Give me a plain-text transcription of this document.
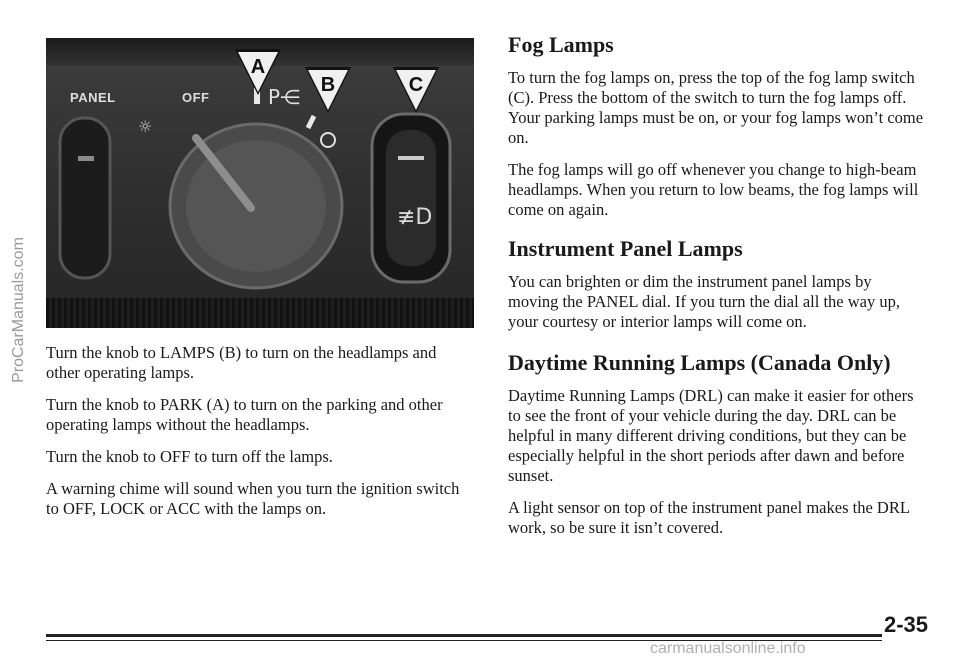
P⋲
☼
≢D
PANEL	OFF
A
B	C

Turn the knob to LAMPS (B) to turn on the headlamps and other operating lamps.

Turn the knob to PARK (A) to turn on the parking and other operating lamps without the headlamps.

Turn the knob to OFF to turn off the lamps.

A warning chime will sound when you turn the ignition switch to OFF, LOCK or ACC with the lamps on.

Fog Lamps

To turn the fog lamps on, press the top of the fog lamp switch (C). Press the bottom of the switch to turn the fog lamps off. Your parking lamps must be on, or your fog lamps won’t come on.

The fog lamps will go off whenever you change to high-beam headlamps. When you return to low beams, the fog lamps will come on again.

Instrument Panel Lamps

You can brighten or dim the instrument panel lamps by moving the PANEL dial. If you turn the dial all the way up, your courtesy or interior lamps will come on.

Daytime Running Lamps (Canada Only)

Daytime Running Lamps (DRL) can make it easier for others to see the front of your vehicle during the day. DRL can be helpful in many different driving conditions, but they can be especially helpful in the short periods after dawn and before sunset.

A light sensor on top of the instrument panel makes the DRL work, so be sure it isn’t covered.

ProCarManuals.com
2-35
carmanualsonline.info
